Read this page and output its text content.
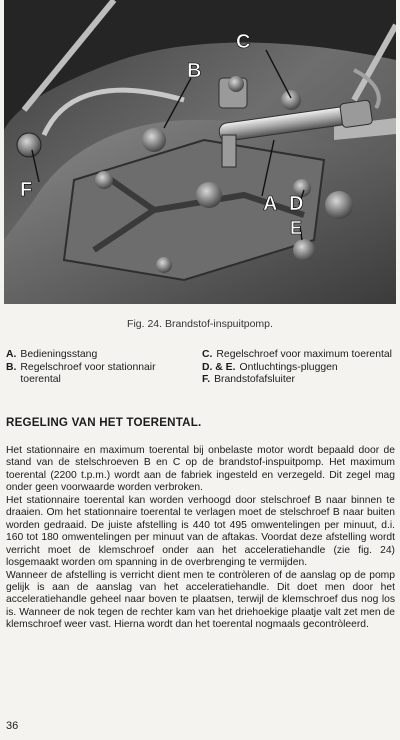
C
B
A D
E
F
Fig. 24. Brandstof-inspuitpomp.
A. Bedieningsstang
B. Regelschroef voor stationnair toerental
C. Regelschroef voor maximum toerental
D. & E. Ontluchtings-pluggen
F. Brandstofafsluiter
REGELING VAN HET TOERENTAL.

Het stationnaire en maximum toerental bij onbelaste motor wordt bepaald door de stand van de stelschroeven B en C op de brandstof-inspuitpomp. Het maximum toerental (2200 t.p.m.) wordt aan de fabriek ingesteld en verzegeld. Dit zegel mag onder geen voorwaarde worden verbroken.

Het stationnaire toerental kan worden verhoogd door stelschroef B naar binnen te draaien. Om het stationnaire toerental te verlagen moet de stelschroef B naar buiten worden gedraaid. De juiste afstelling is 440 tot 495 omwentelingen per minuut, d.i. 160 tot 180 omwentelingen per minuut van de aftakas. Voordat deze afstelling wordt verricht moet de klemschroef onder aan het acceleratiehandle (zie fig. 24) losgemaakt worden om spanning in de overbrenging te vermijden.

Wanneer de afstelling is verricht dient men te contròleren of de aanslag op de pomp gelijk is aan de aanslag van het acceleratiehandle. Dit doet men door het acceleratiehandle geheel naar boven te plaatsen, terwijl de klemschroef dus nog los is. Wanneer de nok tegen de rechter kam van het driehoekige plaatje valt zet men de klemschroef weer vast. Hierna wordt dan het toerental nogmaals gecontròleerd.

36
